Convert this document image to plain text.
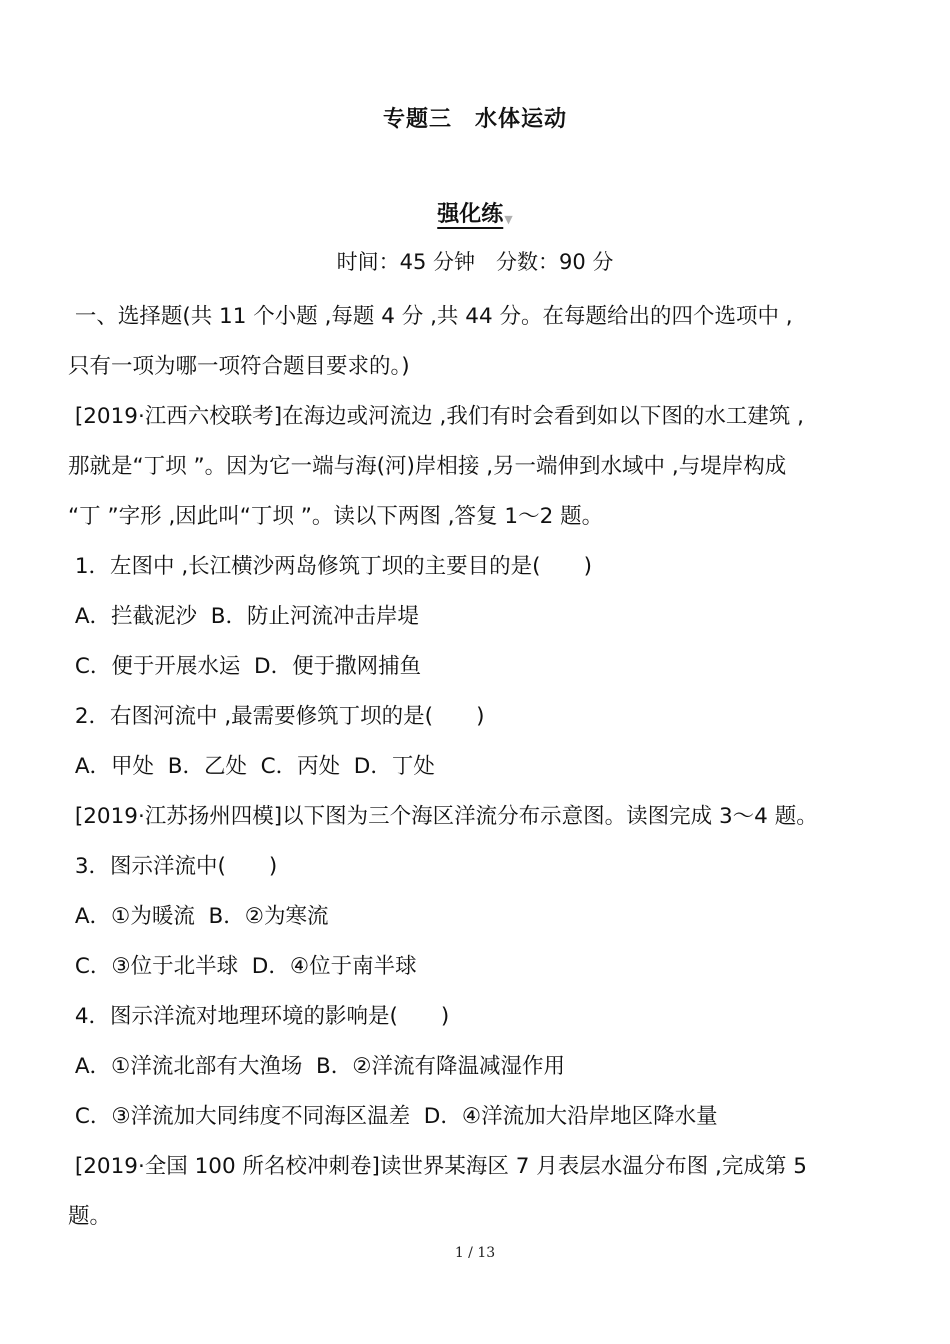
专题三　水体运动
强化练▼
时间：45 分钟　分数：90 分
一、选择题(共 11 个小题 ,每题 4 分 ,共 44 分。在每题给出的四个选项中 ,
只有一项为哪一项符合题目要求的。)
[2019·江西六校联考]在海边或河流边 ,我们有时会看到如以下图的水工建筑 ,
那就是“丁坝 ”。因为它一端与海(河)岸相接 ,另一端伸到水域中 ,与堤岸构成
“丁 ”字形 ,因此叫“丁坝 ”。读以下两图 ,答复 1～2 题。
1．左图中 ,长江横沙两岛修筑丁坝的主要目的是(　　)
A．拦截泥沙  B．防止河流冲击岸堤
C．便于开展水运  D．便于撒网捕鱼
2．右图河流中 ,最需要修筑丁坝的是(　　)
A．甲处  B．乙处  C．丙处  D．丁处
[2019·江苏扬州四模]以下图为三个海区洋流分布示意图。读图完成 3～4 题。
3．图示洋流中(　　)
A．①为暖流  B．②为寒流
C．③位于北半球  D．④位于南半球
4．图示洋流对地理环境的影响是(　　)
A．①洋流北部有大渔场  B．②洋流有降温减湿作用
C．③洋流加大同纬度不同海区温差  D．④洋流加大沿岸地区降水量
[2019·全国 100 所名校冲刺卷]读世界某海区 7 月表层水温分布图 ,完成第 5
题。
1 / 13
